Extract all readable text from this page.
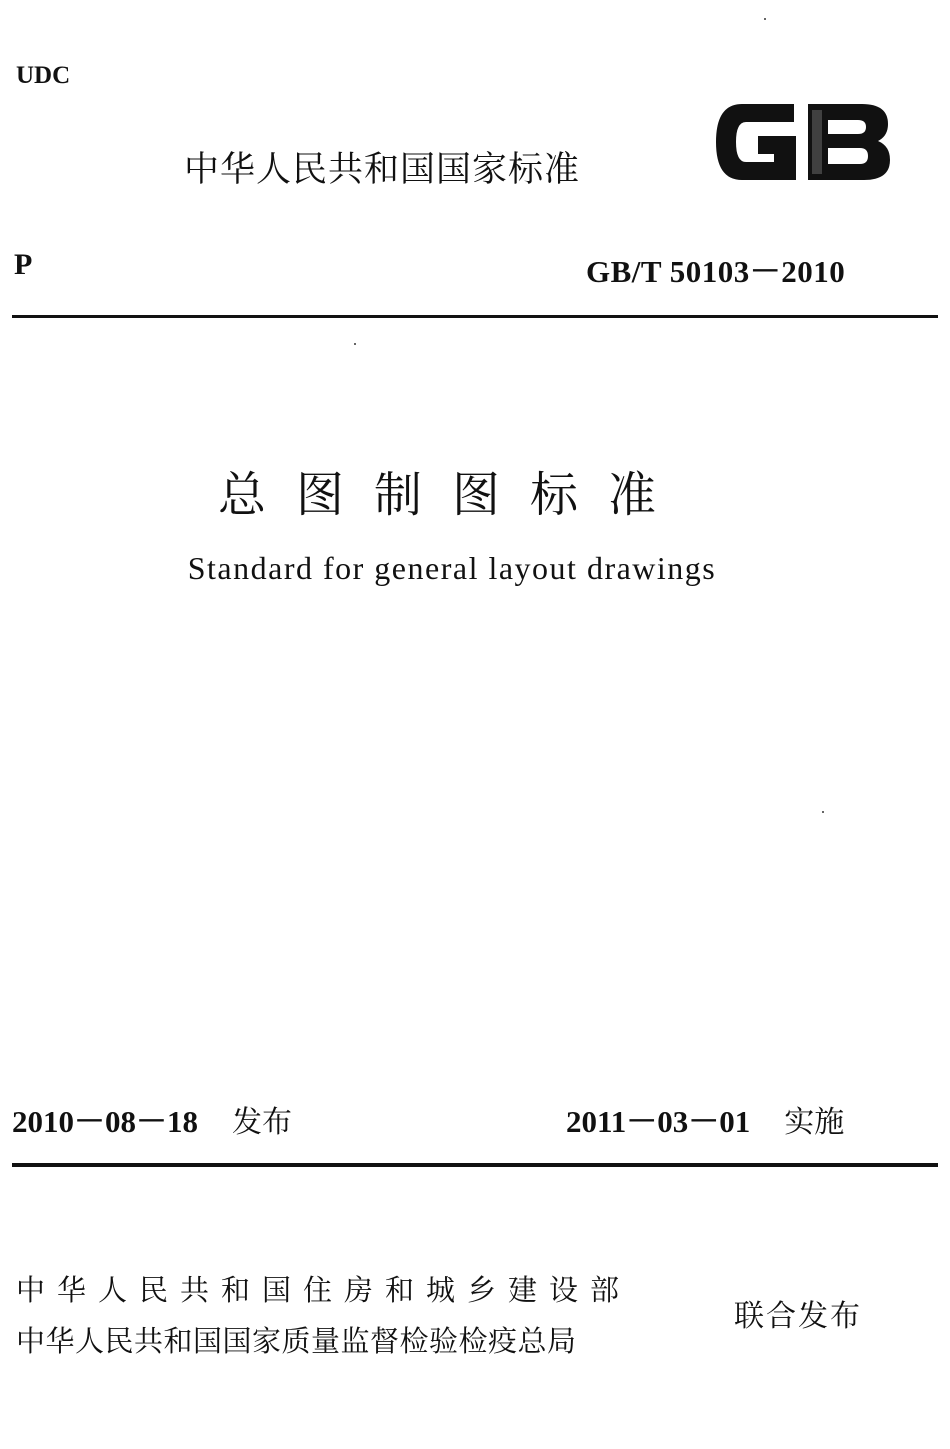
UDC
中华人民共和国国家标准
P	GB/T 50103－2010
总图制图标准
Standard for general layout drawings
2010－08－18 发布	2011－03－01 实施
中华人民共和国住房和城乡建设部
中华人民共和国国家质量监督检验检疫总局
联合发布
